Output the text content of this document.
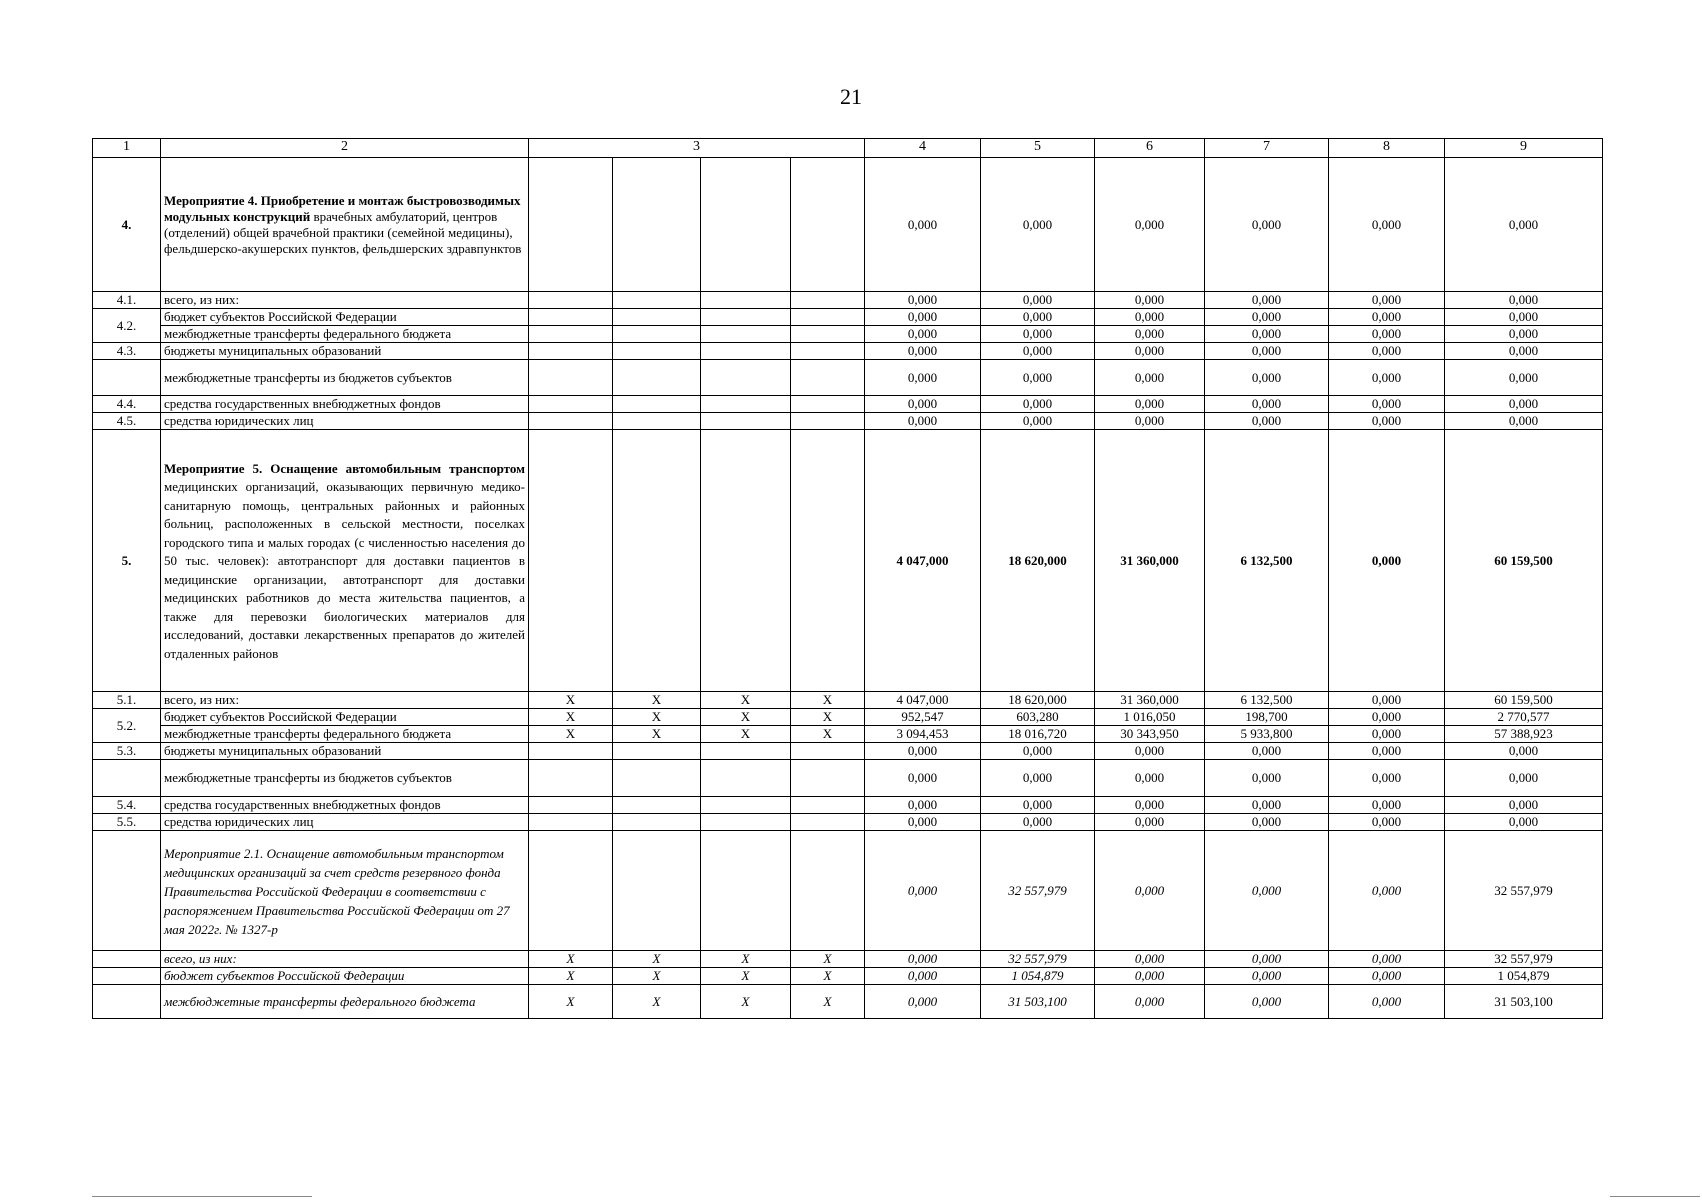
21
1	2	3				4	5	6	7	8	9
4.	Мероприятие 4. Приобретение и монтаж быстровозводимых модульных конструкций врачебных амбулаторий, центров (отделений) общей врачебной практики (семейной медицины), фельдшерско-акушерских пунктов, фельдшерских здравпунктов					0,000	0,000	0,000	0,000	0,000	0,000
4.1.	всего, из них:					0,000	0,000	0,000	0,000	0,000	0,000
4.2.	бюджет субъектов Российской Федерации					0,000	0,000	0,000	0,000	0,000	0,000
	межбюджетные трансферты федерального бюджета					0,000	0,000	0,000	0,000	0,000	0,000
4.3.	бюджеты муниципальных образований					0,000	0,000	0,000	0,000	0,000	0,000
	межбюджетные трансферты из бюджетов субъектов					0,000	0,000	0,000	0,000	0,000	0,000
4.4.	средства государственных внебюджетных фондов					0,000	0,000	0,000	0,000	0,000	0,000
4.5.	средства юридических лиц					0,000	0,000	0,000	0,000	0,000	0,000
5.	Мероприятие 5. Оснащение автомобильным транспортом медицинских организаций, оказывающих первичную медико-санитарную помощь, центральных районных и районных больниц, расположенных в сельской местности, поселках городского типа и малых городах (с численностью населения до 50 тыс. человек): автотранспорт для доставки пациентов в медицинские организации, автотранспорт для доставки медицинских работников до места жительства пациентов, а также для перевозки биологических материалов для исследований, доставки лекарственных препаратов до жителей отдаленных районов					4 047,000	18 620,000	31 360,000	6 132,500	0,000	60 159,500
5.1.	всего, из них:	X	X	X	X	4 047,000	18 620,000	31 360,000	6 132,500	0,000	60 159,500
5.2.	бюджет субъектов Российской Федерации	X	X	X	X	952,547	603,280	1 016,050	198,700	0,000	2 770,577
	межбюджетные трансферты федерального бюджета	X	X	X	X	3 094,453	18 016,720	30 343,950	5 933,800	0,000	57 388,923
5.3.	бюджеты муниципальных образований					0,000	0,000	0,000	0,000	0,000	0,000
	межбюджетные трансферты из бюджетов субъектов					0,000	0,000	0,000	0,000	0,000	0,000
5.4.	средства государственных внебюджетных фондов					0,000	0,000	0,000	0,000	0,000	0,000
5.5.	средства юридических лиц					0,000	0,000	0,000	0,000	0,000	0,000
	Мероприятие 2.1. Оснащение автомобильным транспортом медицинских организаций за счет средств резервного фонда Правительства Российской Федерации в соответствии с распоряжением Правительства Российской Федерации от 27 мая 2022г. № 1327-р					0,000	32 557,979	0,000	0,000	0,000	32 557,979
	всего, из них:	X	X	X	X	0,000	32 557,979	0,000	0,000	0,000	32 557,979
	бюджет субъектов Российской Федерации	X	X	X	X	0,000	1 054,879	0,000	0,000	0,000	1 054,879
	межбюджетные трансферты федерального бюджета	X	X	X	X	0,000	31 503,100	0,000	0,000	0,000	31 503,100
